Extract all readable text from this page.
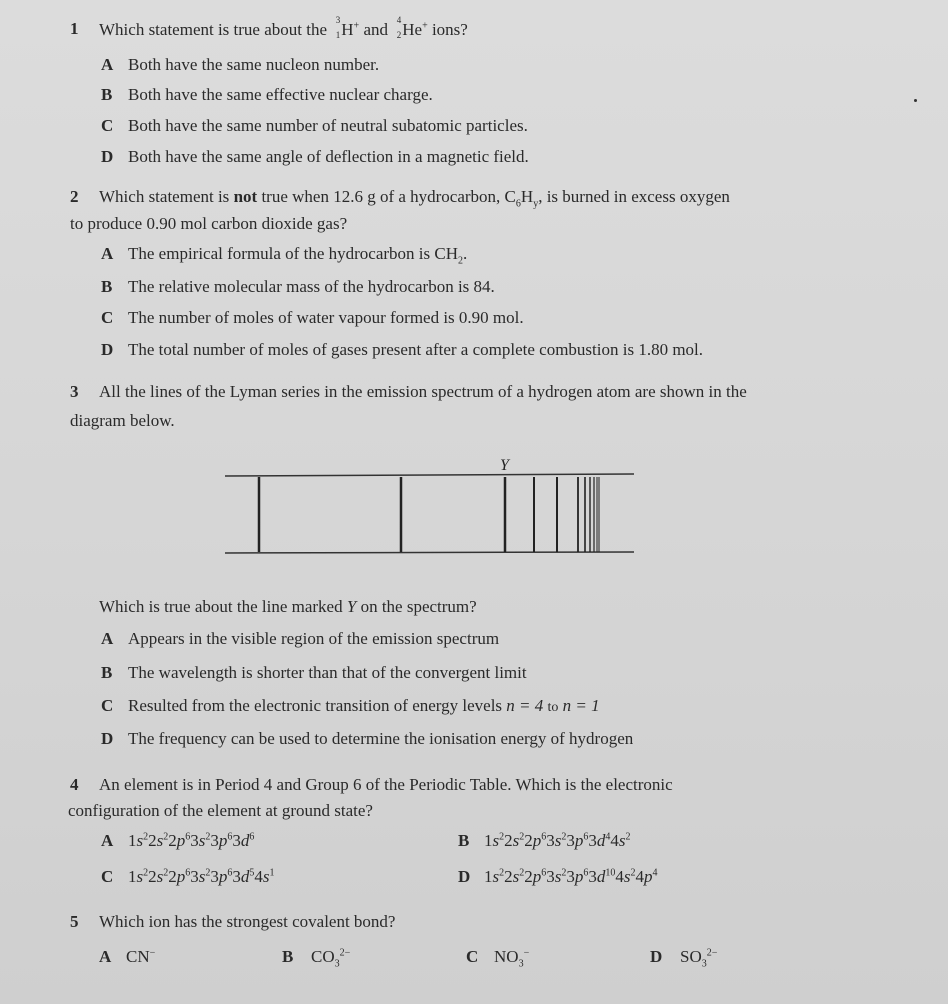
1 Which statement is true about the 3
1 H+ and 4
2 He+ ions?
A Both have the same nucleon number.
B Both have the same effective nuclear charge.
C Both have the same number of neutral subatomic particles.
D Both have the same angle of deflection in a magnetic field.
2 Which statement is not true when 12.6 g of a hydrocarbon, $C_6H_y$, is burned in excess oxygen
to produce 0.90 mol carbon dioxide gas?
A The empirical formula of the hydrocarbon is $CH_2$.
B The relative molecular mass of the hydrocarbon is 84.
C The number of moles of water vapour formed is 0.90 mol.
D The total number of moles of gases present after a complete combustion is 1.80 mol.
3 All the lines of the Lyman series in the emission spectrum of a hydrogen atom are shown in the
diagram below.
Y
Which is true about the line marked Y on the spectrum?
A Appears in the visible region of the emission spectrum
B The wavelength is shorter than that of the convergent limit
C Resulted from the electronic transition of energy levels n = 4 to n = 1
D The frequency can be used to determine the ionisation energy of hydrogen
4 An element is in Period 4 and Group 6 of the Periodic Table. Which is the electronic
configuration of the element at ground state?
A $1s^22s^22p^63s^23p^63d^6$	B $1s^22s^22p^63s^23p^63d^44s^2$
C $1s^22s^22p^63s^23p^63d^54s^1$	D $1s^22s^22p^63s^23p^63d^{10}4s^24p^4$
5 Which ion has the strongest covalent bond?
A CN−	B $CO_3^{2-}$	C $NO_3^-$	D $SO_3^{2-}$
